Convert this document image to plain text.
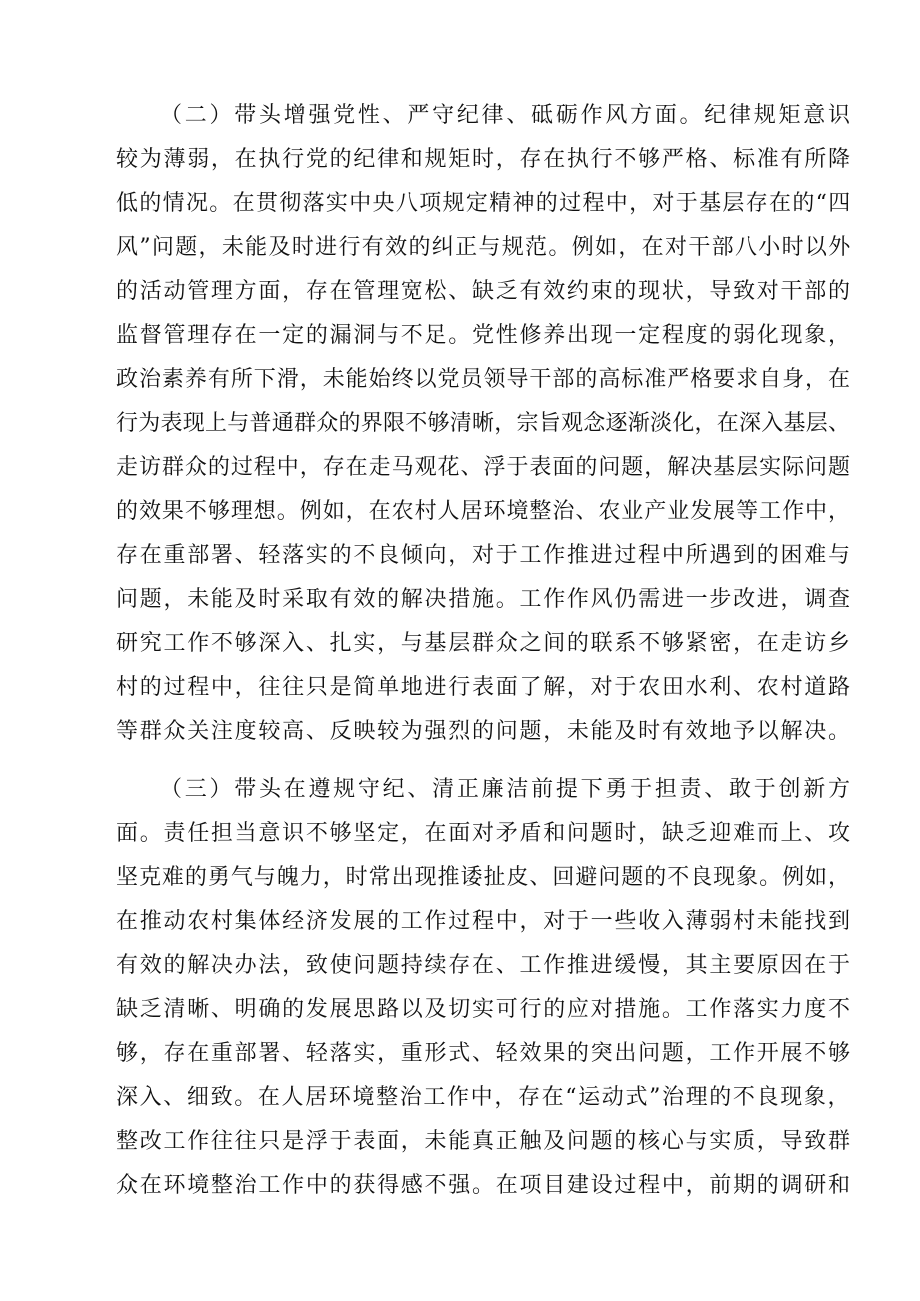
（二）带头增强党性、严守纪律、砥砺作风方面。纪律规矩意识
较为薄弱，在执行党的纪律和规矩时，存在执行不够严格、标准有所降
低的情况。在贯彻落实中央八项规定精神的过程中，对于基层存在的“四
风”问题，未能及时进行有效的纠正与规范。例如，在对干部八小时以外
的活动管理方面，存在管理宽松、缺乏有效约束的现状，导致对干部的
监督管理存在一定的漏洞与不足。党性修养出现一定程度的弱化现象，
政治素养有所下滑，未能始终以党员领导干部的高标准严格要求自身，在
行为表现上与普通群众的界限不够清晰，宗旨观念逐渐淡化，在深入基层、
走访群众的过程中，存在走马观花、浮于表面的问题，解决基层实际问题
的效果不够理想。例如，在农村人居环境整治、农业产业发展等工作中，
存在重部署、轻落实的不良倾向，对于工作推进过程中所遇到的困难与
问题，未能及时采取有效的解决措施。工作作风仍需进一步改进，调查
研究工作不够深入、扎实，与基层群众之间的联系不够紧密，在走访乡
村的过程中，往往只是简单地进行表面了解，对于农田水利、农村道路
等群众关注度较高、反映较为强烈的问题，未能及时有效地予以解决。
（三）带头在遵规守纪、清正廉洁前提下勇于担责、敢于创新方
面。责任担当意识不够坚定，在面对矛盾和问题时，缺乏迎难而上、攻
坚克难的勇气与魄力，时常出现推诿扯皮、回避问题的不良现象。例如，
在推动农村集体经济发展的工作过程中，对于一些收入薄弱村未能找到
有效的解决办法，致使问题持续存在、工作推进缓慢，其主要原因在于
缺乏清晰、明确的发展思路以及切实可行的应对措施。工作落实力度不
够，存在重部署、轻落实，重形式、轻效果的突出问题，工作开展不够
深入、细致。在人居环境整治工作中，存在“运动式”治理的不良现象，
整改工作往往只是浮于表面，未能真正触及问题的核心与实质，导致群
众在环境整治工作中的获得感不强。在项目建设过程中，前期的调研和
